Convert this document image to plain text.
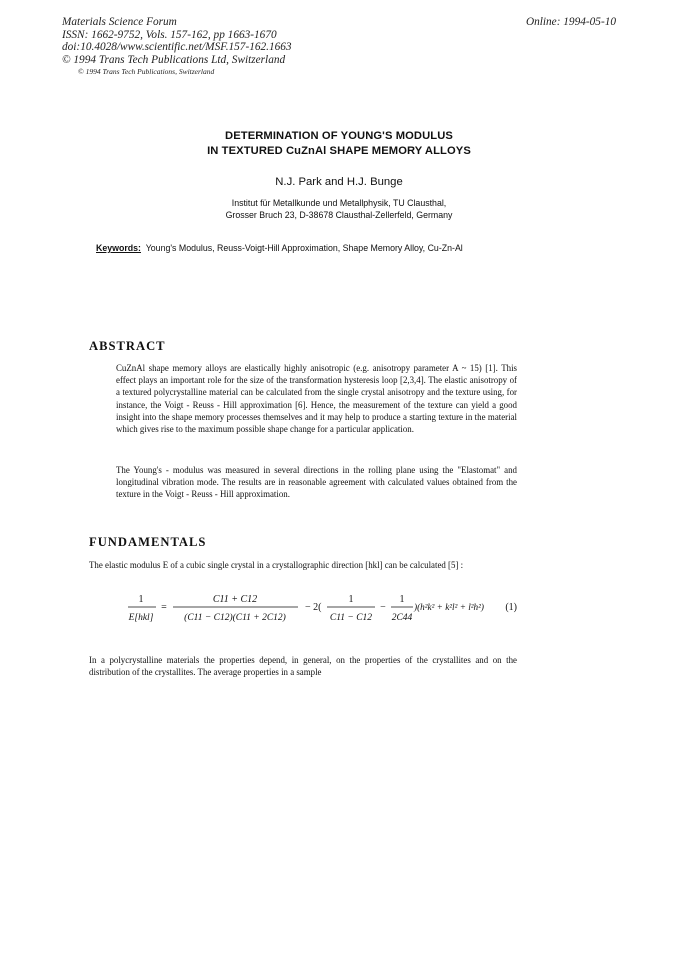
Materials Science Forum
ISSN: 1662-9752, Vols. 157-162, pp 1663-1670
doi:10.4028/www.scientific.net/MSF.157-162.1663
© 1994 Trans Tech Publications Ltd, Switzerland
Online: 1994-05-10
© 1994 Trans Tech Publications, Switzerland
DETERMINATION OF YOUNG'S MODULUS
IN TEXTURED CuZnAl SHAPE MEMORY ALLOYS
N.J. Park and H.J. Bunge
Institut für Metallkunde und Metallphysik, TU Clausthal,
Grosser Bruch 23, D-38678 Clausthal-Zellerfeld, Germany
Keywords: Young's Modulus, Reuss-Voigt-Hill Approximation, Shape Memory Alloy, Cu-Zn-Al
ABSTRACT
CuZnAl shape memory alloys are elastically highly anisotropic (e.g. anisotropy parameter A ~ 15) [1]. This effect plays an important role for the size of the transformation hysteresis loop [2,3,4]. The elastic anisotropy of a textured polycrystalline material can be calculated from the single crystal anisotropy and the texture using, for instance, the Voigt - Reuss - Hill approximation [6]. Hence, the measurement of the texture can yield a good insight into the shape memory processes themselves and it may help to produce a starting texture in the material which gives rise to the maximum possible shape change for a particular application.
The Young's - modulus was measured in several directions in the rolling plane using the "Elastomat" and longitudinal vibration mode. The results are in reasonable agreement with calculated values obtained from the texture in the Voigt - Reuss - Hill approximation.
FUNDAMENTALS
The elastic modulus E of a cubic single crystal in a crystallographic direction [hkl] can be calculated [5] :
1
E[hkl]
=
C11 + C12
(C11 − C12)(C11 + 2C12)
− 2(
1
C11 − C12
−
1
2C44
)(h²k² + k²l² + l²h²) (1)
In a polycrystalline materials the properties depend, in general, on the properties of the crystallites and on the distribution of the crystallites. The average properties in a sample
